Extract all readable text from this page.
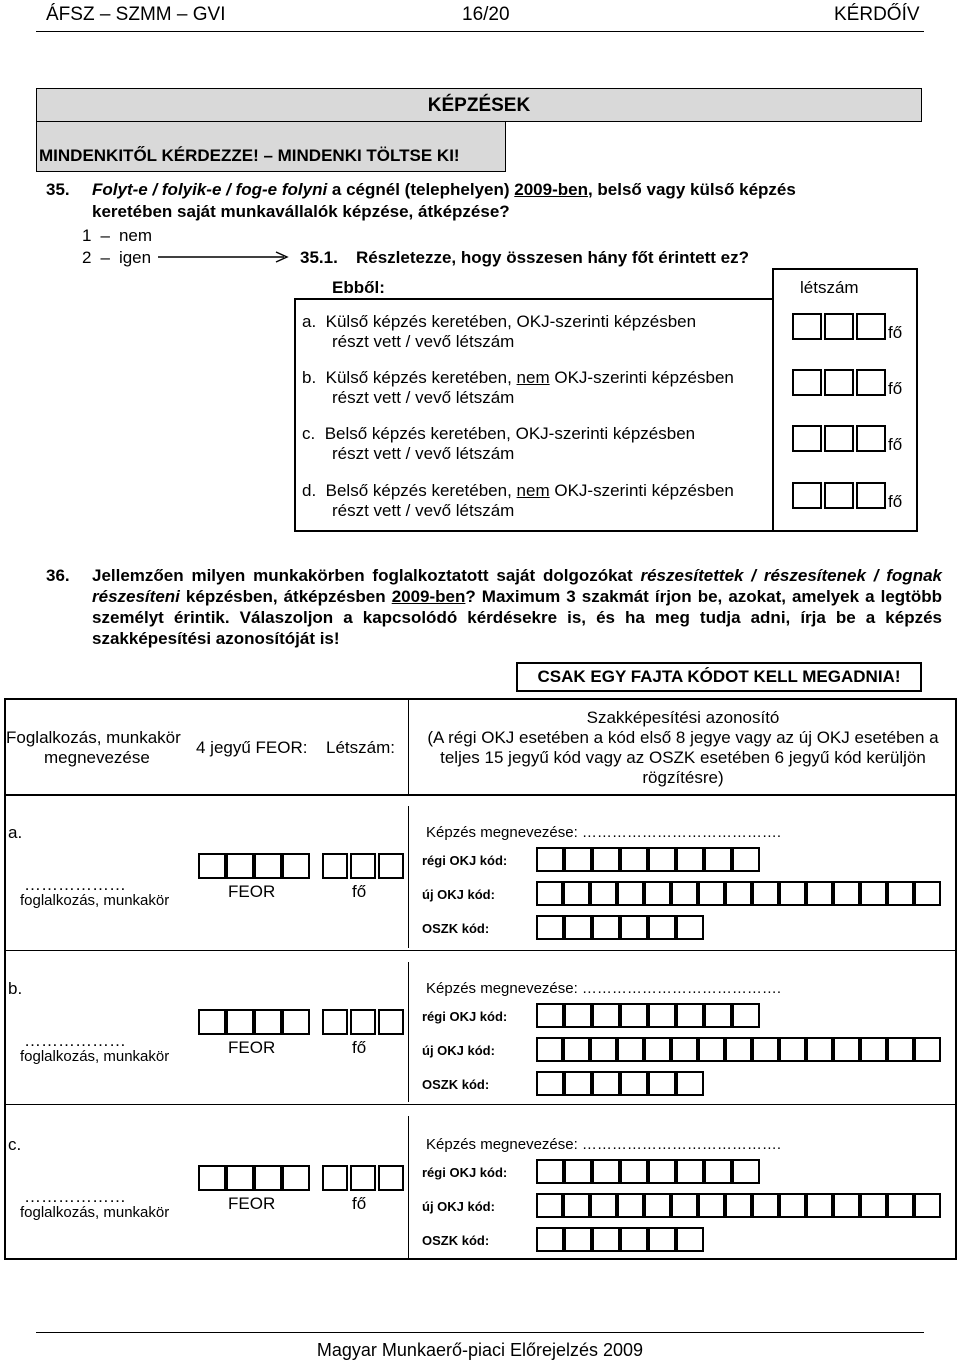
ÁFSZ – SZMM – GVI	16/20	KÉRDŐÍV
KÉPZÉSEK
MINDENKITŐL KÉRDEZZE! – MINDENKI TÖLTSE KI!
35. Folyt-e / folyik-e / fog-e folyni a cégnél (telephelyen) 2009-ben, belső vagy külső képzés
keretében saját munkavállalók képzése, átképzése?
1 – nem
2 – igen	35.1. Részletezze, hogy összesen hány főt érintett ez?
Ebből:	létszám
a. Külső képzés keretében, OKJ-szerinti képzésben
részt vett / vevő létszám	fő
b. Külső képzés keretében, nem OKJ-szerinti képzésben
részt vett / vevő létszám	fő
c. Belső képzés keretében, OKJ-szerinti képzésben
részt vett / vevő létszám	fő
d. Belső képzés keretében, nem OKJ-szerinti képzésben
részt vett / vevő létszám	fő
36. Jellemzően milyen munkakörben foglalkoztatott saját dolgozókat részesítettek / részesítenek / fognak részesíteni képzésben, átképzésben 2009-ben? Maximum 3 szakmát írjon be, azokat, amelyek a legtöbb személyt érintik. Válaszoljon a kapcsolódó kérdésekre is, és ha meg tudja adni, írja be a képzés szakképesítési azonosítóját is!
CSAK EGY FAJTA KÓDOT KELL MEGADNIA!
Foglalkozás, munkakör
megnevezése
4 jegyű FEOR: Létszám:
Szakképesítési azonosító
(A régi OKJ esetében a kód első 8 jegye vagy az új OKJ esetében a
teljes 15 jegyű kód vagy az OSZK esetében 6 jegyű kód kerüljön
rögzítésre)
a.
………………
foglalkozás, munkakör	FEOR	fő
Képzés megnevezése: ………………………………….
régi OKJ kód:
új OKJ kód:
OSZK kód:
b.
………………
foglalkozás, munkakör	FEOR	fő
Képzés megnevezése: ………………………………….
régi OKJ kód:
új OKJ kód:
OSZK kód:
c.
………………
foglalkozás, munkakör	FEOR	fő
Képzés megnevezése: ………………………………….
régi OKJ kód:
új OKJ kód:
OSZK kód:
Magyar Munkaerő-piaci Előrejelzés 2009
